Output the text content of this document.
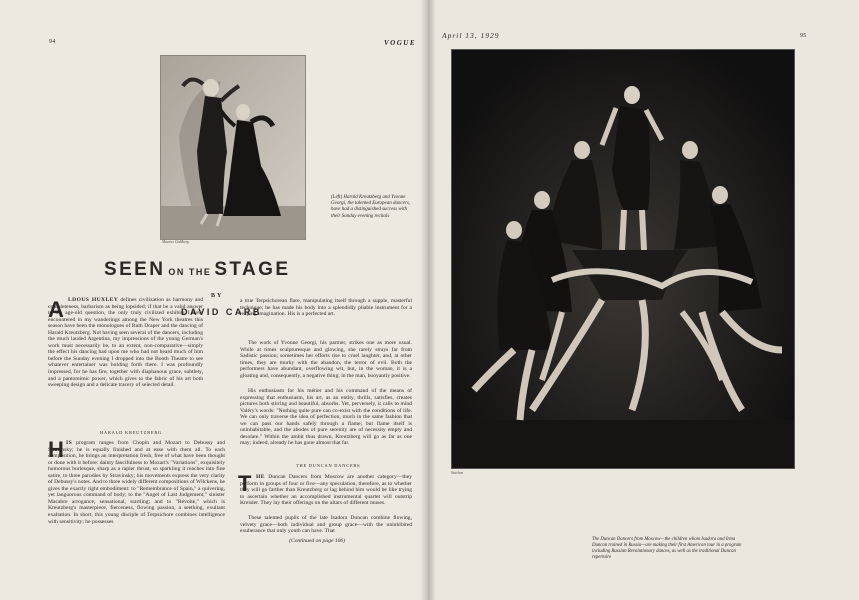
94	VOGUE
Maurice Goldberg
(Left) Harald Kreutzberg and Yvonne Georgi, the talented European dancers, have had a distinguished success with their Sunday evening recitals
SEEN ON THE STAGE
BY
DAVID CARB
A LDOUS HUXLEY defines civilization as harmony and completeness, barbarism as being lopsided; if that be a valid answer to the age-old question, the only truly civilized exhibits I have encountered in my wanderings among the New York theatres this season have been the monologues of Ruth Draper and the dancing of Harald Kreutzberg. Not having seen several of the dancers, including the much lauded Argentina, my impressions of the young German's work must necessarily be, to an extent, non-comparative—simply the effect his dancing had upon me who had not heard much of him before the Sunday evening I dropped into the Booth Theatre to see whatever entertainer was holding forth there. I was profoundly impressed, for he has fire, together with diaphanous grace, subtlety, and a pantomimic power, which gives to the fabric of his art both sweeping design and a delicate tracery of selected detail.

HARALD KREUTZBERG
H IS program ranges from Chopin and Mozart to Debussy and Stravinsky; he is equally finished and at ease with them all. To each composition, he brings an interpretation fresh, free of what have been thought or done with it before: dainty fancifulness to Mozart's "Variations", exquisitely humorous burlesque, sharp as a rapier thrust, so sparkling it reaches into fine satire, to three parodies by Stravinsky; his movements express the very clarity of Debussy's notes. And to three widely different compositions of Wilckens, he gives the exactly right embodiment: to "Remembrance of Spain," a quivering, yet languorous command of body; to the "Angel of Last Judgement," sinister Macabre arrogance, sensational, startling; and to "Révolte," which is Kreutzberg's masterpiece, fierceness, flowing passion, a seething, exultant exaltation. In short, this young disciple of Terpsichore combines intelligence with sensitivity; he possesses

a true Terpsichorean flare, manipulating itself through a supple, masterful technique; he has made his body into a splendidly pliable instrument for a leaping imagination. His is a perfected art.

The work of Yvonne Georgi, his partner, strikes one as more usual. While at times sculpturesque and glowing, she rarely strays far from Sadistic passion; sometimes her efforts rise to cruel laughter, and, at other times, they are murky with the abandon, the terror of evil. Both the performers have abundant, overflowing wit, but, in the woman, it is a gloating and, consequently, a negative thing; in the man, buoyantly positive.

His enthusiasm for his métier and his command of the means of expressing that enthusiasm, his art, as an entity, thrills, satisfies, creates pictures both stirring and beautiful, absorbs. Yet, perversely, it calls to mind Valéry's words: "Nothing quite pure can co-exist with the conditions of life. We can only traverse the idea of perfection, much in the same fashion that we can pass our hands safely through a flame; but flame itself is uninhabitable, and the abodes of pure serenity are of necessity empty and desolate." Within the ambit thus drawn, Kreutzberg will go as far as one may; indeed, already he has gone almost that far.

THE DUNCAN DANCERS
T HE Duncan Dancers from Moscow are another category—they perform in groups of four or five—any speculation, therefore, as to whether they will go farther than Kreutzberg or lag behind him would be like trying to ascertain whether an accomplished instrumental quartet will outstrip Kreisler. They lay their offerings on the altars of different muses.

These talented pupils of the late Isadora Duncan combine flowing, velvety grace—both individual and group grace—with the uninhibited exuberance that only youth can have. That

(Continued on page 106)
April 13, 1929	95
Steichen
The Duncan Dancers from Moscow—the children whom Isadora and Irma Duncan trained in Russia—are making their first American tour in a program including Russian Revolutionary dances, as well as the traditional Duncan repertoire
